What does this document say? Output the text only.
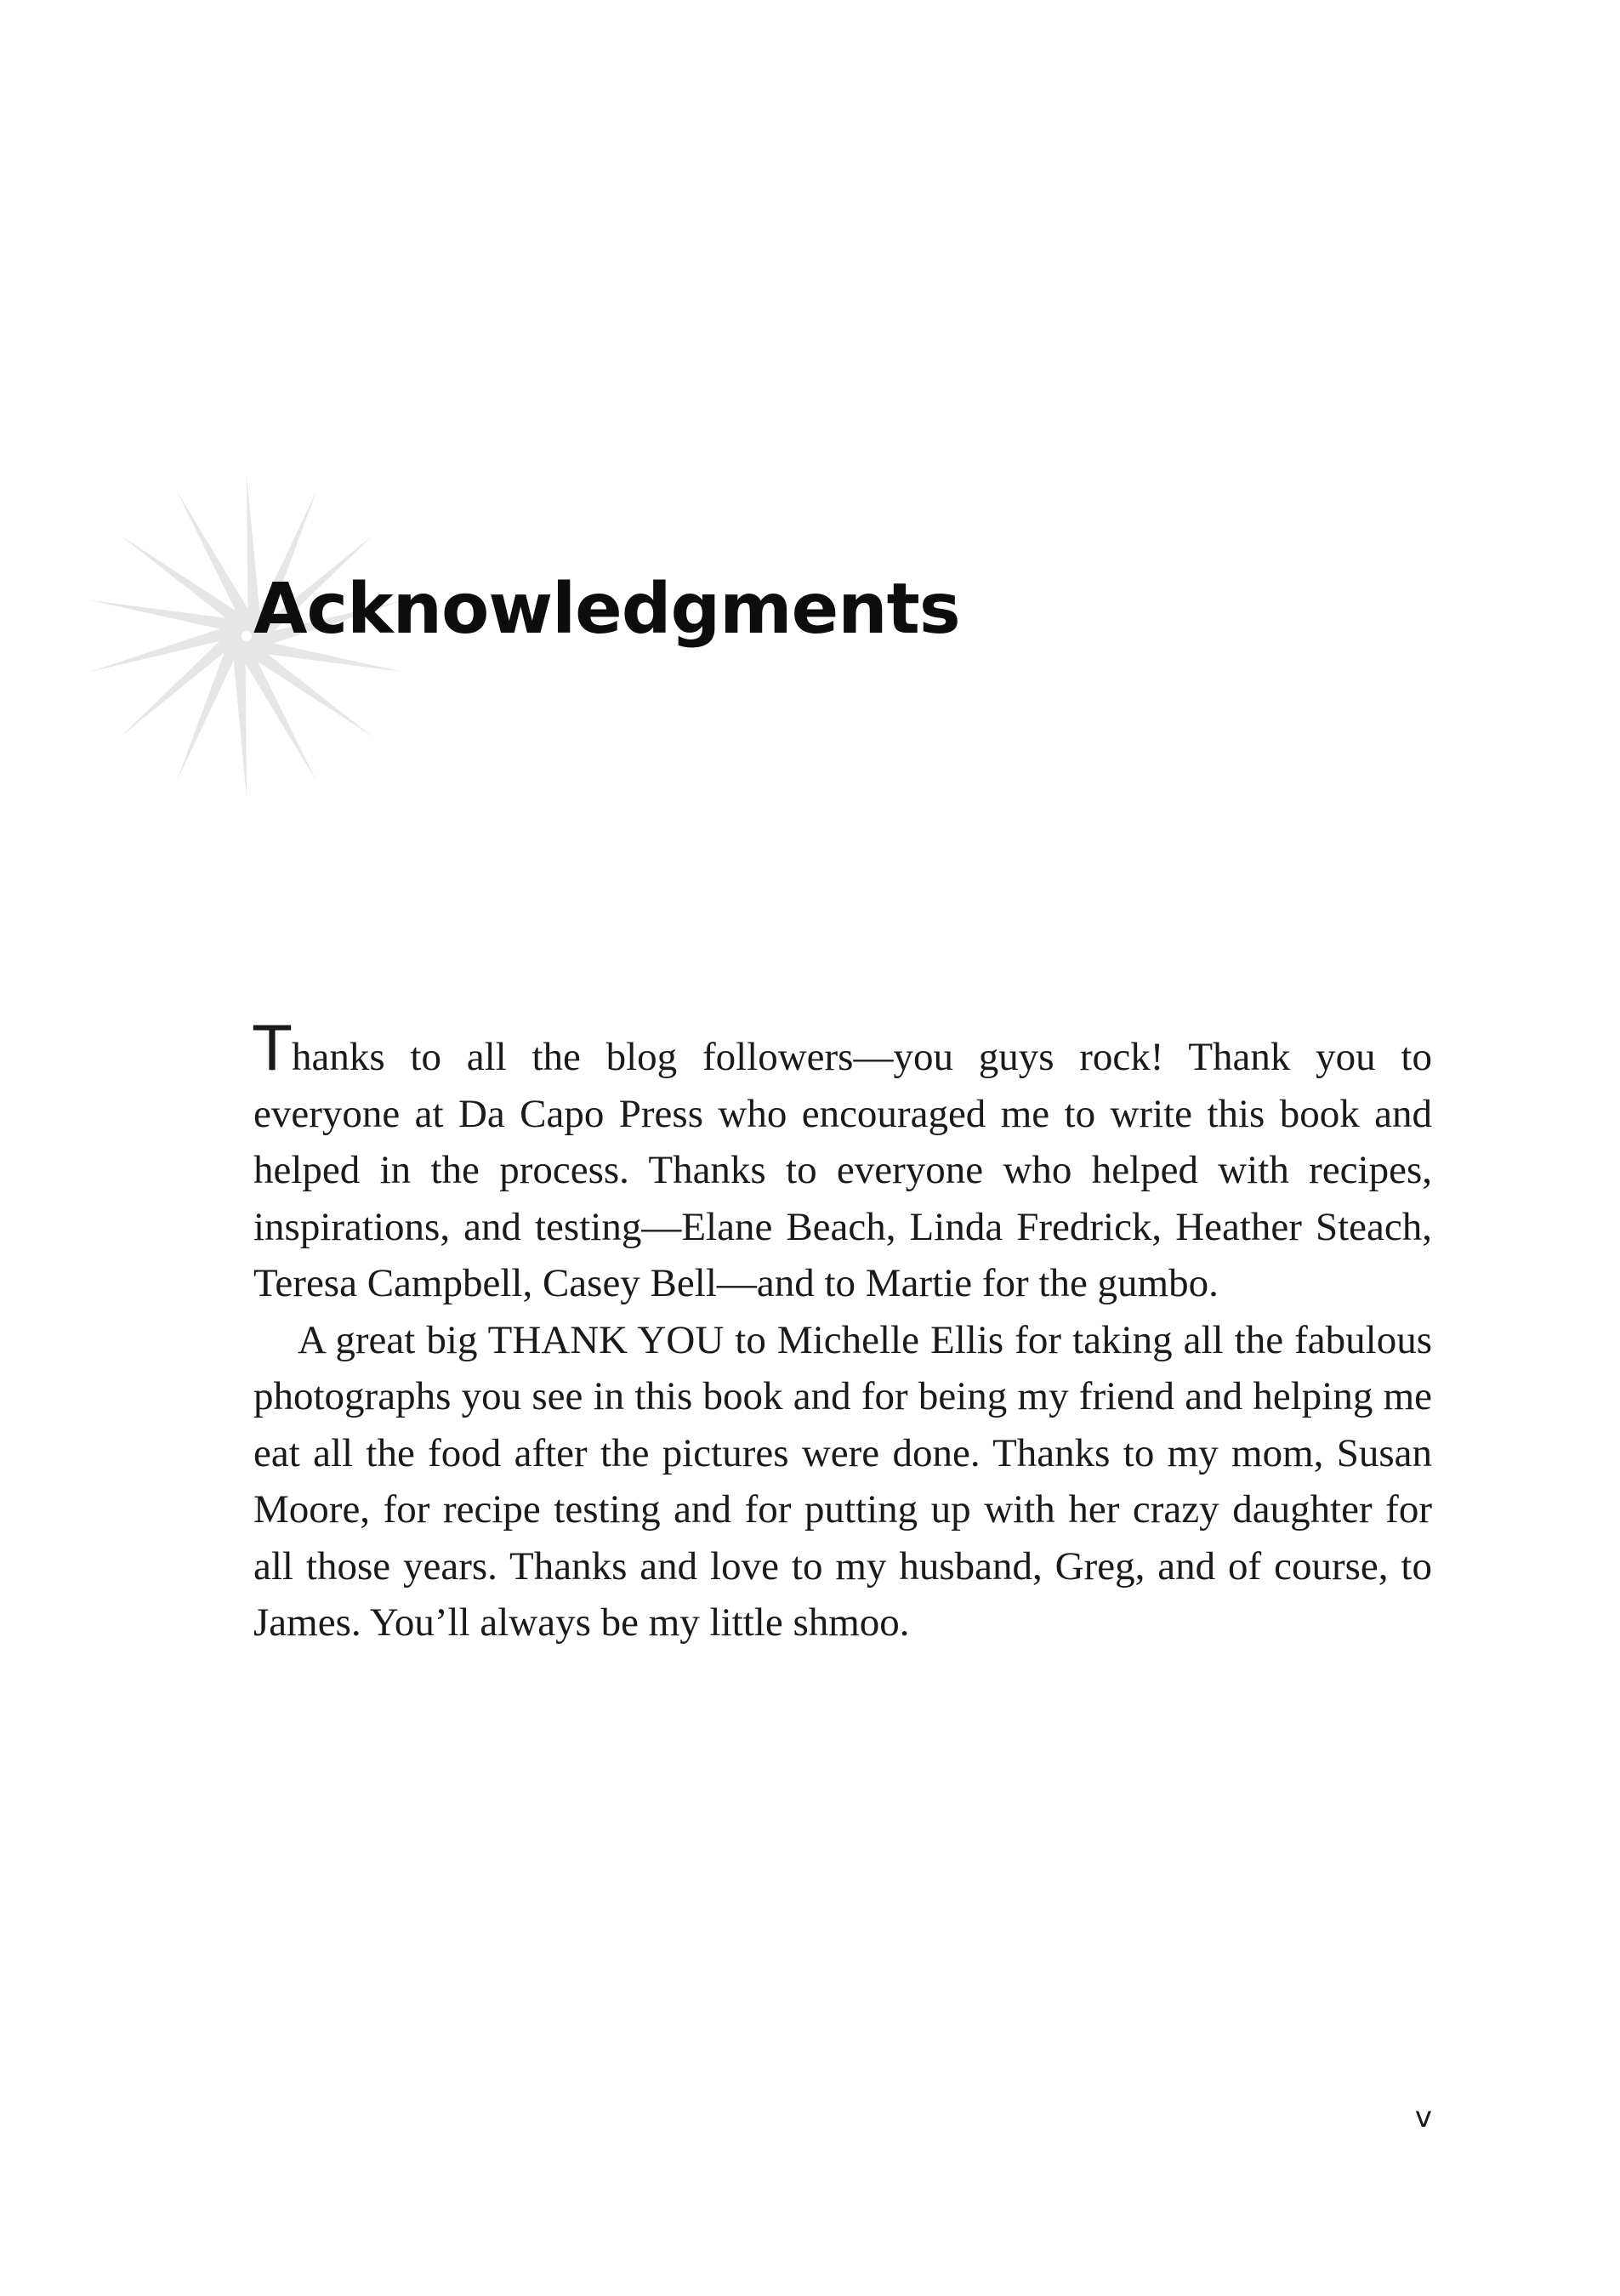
Acknowledgments

Thanks to all the blog followers—you guys rock! Thank you to everyone at Da Capo Press who encouraged me to write this book and helped in the process. Thanks to everyone who helped with recipes, inspirations, and testing—Elane Beach, Linda Fredrick, Heather Steach, Teresa Campbell, Casey Bell—and to Martie for the gumbo.

A great big THANK YOU to Michelle Ellis for taking all the fabulous photographs you see in this book and for being my friend and helping me eat all the food after the pictures were done. Thanks to my mom, Susan Moore, for recipe testing and for putting up with her crazy daughter for all those years. Thanks and love to my husband, Greg, and of course, to James. You’ll always be my little shmoo.

v
